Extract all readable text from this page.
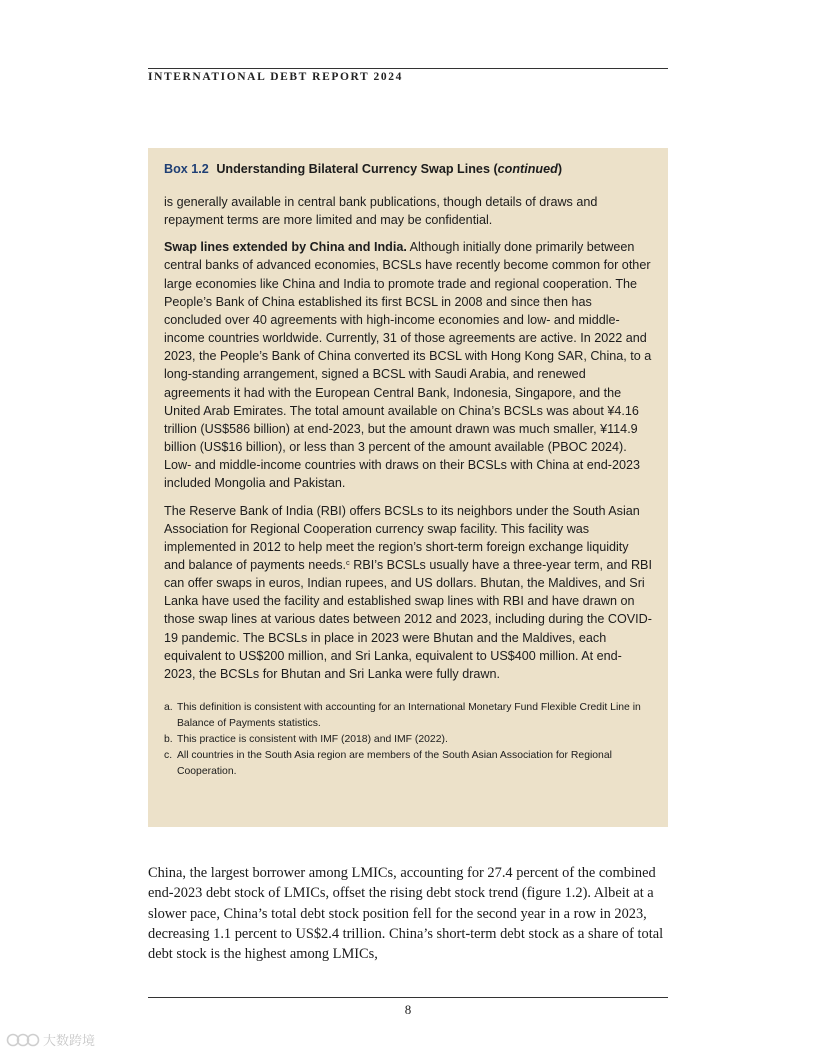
INTERNATIONAL DEBT REPORT 2024
Box 1.2 Understanding Bilateral Currency Swap Lines (continued)

is generally available in central bank publications, though details of draws and repayment terms are more limited and may be confidential.

Swap lines extended by China and India. Although initially done primarily between central banks of advanced economies, BCSLs have recently become common for other large economies like China and India to promote trade and regional cooperation. The People’s Bank of China established its first BCSL in 2008 and since then has concluded over 40 agreements with high-income economies and low- and middle-income countries worldwide. Currently, 31 of those agreements are active. In 2022 and 2023, the People’s Bank of China converted its BCSL with Hong Kong SAR, China, to a long-standing arrangement, signed a BCSL with Saudi Arabia, and renewed agreements it had with the European Central Bank, Indonesia, Singapore, and the United Arab Emirates. The total amount available on China’s BCSLs was about ¥4.16 trillion (US$586 billion) at end-2023, but the amount drawn was much smaller, ¥114.9 billion (US$16 billion), or less than 3 percent of the amount available (PBOC 2024). Low- and middle-income countries with draws on their BCSLs with China at end-2023 included Mongolia and Pakistan.

The Reserve Bank of India (RBI) offers BCSLs to its neighbors under the South Asian Association for Regional Cooperation currency swap facility. This facility was implemented in 2012 to help meet the region’s short-term foreign exchange liquidity and balance of payments needs.$^c$ RBI’s BCSLs usually have a three-year term, and RBI can offer swaps in euros, Indian rupees, and US dollars. Bhutan, the Maldives, and Sri Lanka have used the facility and established swap lines with RBI and have drawn on those swap lines at various dates between 2012 and 2023, including during the COVID-19 pandemic. The BCSLs in place in 2023 were Bhutan and the Maldives, each equivalent to US$200 million, and Sri Lanka, equivalent to US$400 million. At end-2023, the BCSLs for Bhutan and Sri Lanka were fully drawn.

a. This definition is consistent with accounting for an International Monetary Fund Flexible Credit Line in Balance of Payments statistics.
b. This practice is consistent with IMF (2018) and IMF (2022).
c. All countries in the South Asia region are members of the South Asian Association for Regional Cooperation.

China, the largest borrower among LMICs, accounting for 27.4 percent of the combined end-2023 debt stock of LMICs, offset the rising debt stock trend (figure 1.2). Albeit at a slower pace, China’s total debt stock position fell for the second year in a row in 2023, decreasing 1.1 percent to US$2.4 trillion. China’s short-term debt stock as a share of total debt stock is the highest among LMICs,

8
大数跨境
